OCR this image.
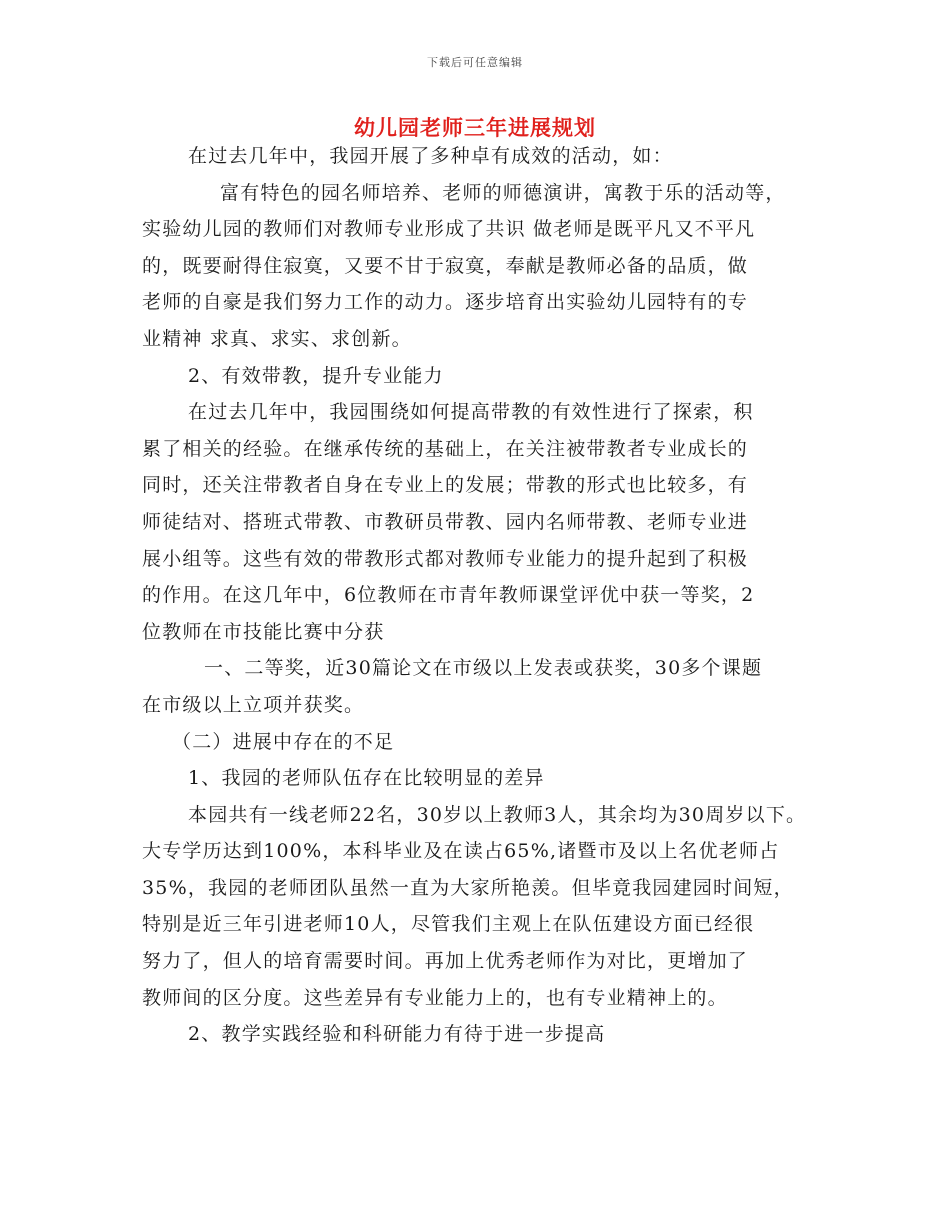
下载后可任意编辑
幼儿园老师三年进展规划
在过去几年中，我园开展了多种卓有成效的活动，如：
富有特色的园名师培养、老师的师德演讲，寓教于乐的活动等，
实验幼儿园的教师们对教师专业形成了共识 做老师是既平凡又不平凡
的，既要耐得住寂寞，又要不甘于寂寞，奉献是教师必备的品质，做
老师的自豪是我们努力工作的动力。逐步培育出实验幼儿园特有的专
业精神 求真、求实、求创新。
2、有效带教，提升专业能力
在过去几年中，我园围绕如何提高带教的有效性进行了探索，积
累了相关的经验。在继承传统的基础上，在关注被带教者专业成长的
同时，还关注带教者自身在专业上的发展；带教的形式也比较多，有
师徒结对、搭班式带教、市教研员带教、园内名师带教、老师专业进
展小组等。这些有效的带教形式都对教师专业能力的提升起到了积极
的作用。在这几年中，6位教师在市青年教师课堂评优中获一等奖，2
位教师在市技能比赛中分获
一、二等奖，近30篇论文在市级以上发表或获奖，30多个课题
在市级以上立项并获奖。
（二）进展中存在的不足
1、我园的老师队伍存在比较明显的差异
本园共有一线老师22名，30岁以上教师3人，其余均为30周岁以下。
大专学历达到100%，本科毕业及在读占65%,诸暨市及以上名优老师占
35%，我园的老师团队虽然一直为大家所艳羡。但毕竟我园建园时间短，
特别是近三年引进老师10人，尽管我们主观上在队伍建设方面已经很
努力了，但人的培育需要时间。再加上优秀老师作为对比，更增加了
教师间的区分度。这些差异有专业能力上的，也有专业精神上的。
2、教学实践经验和科研能力有待于进一步提高
